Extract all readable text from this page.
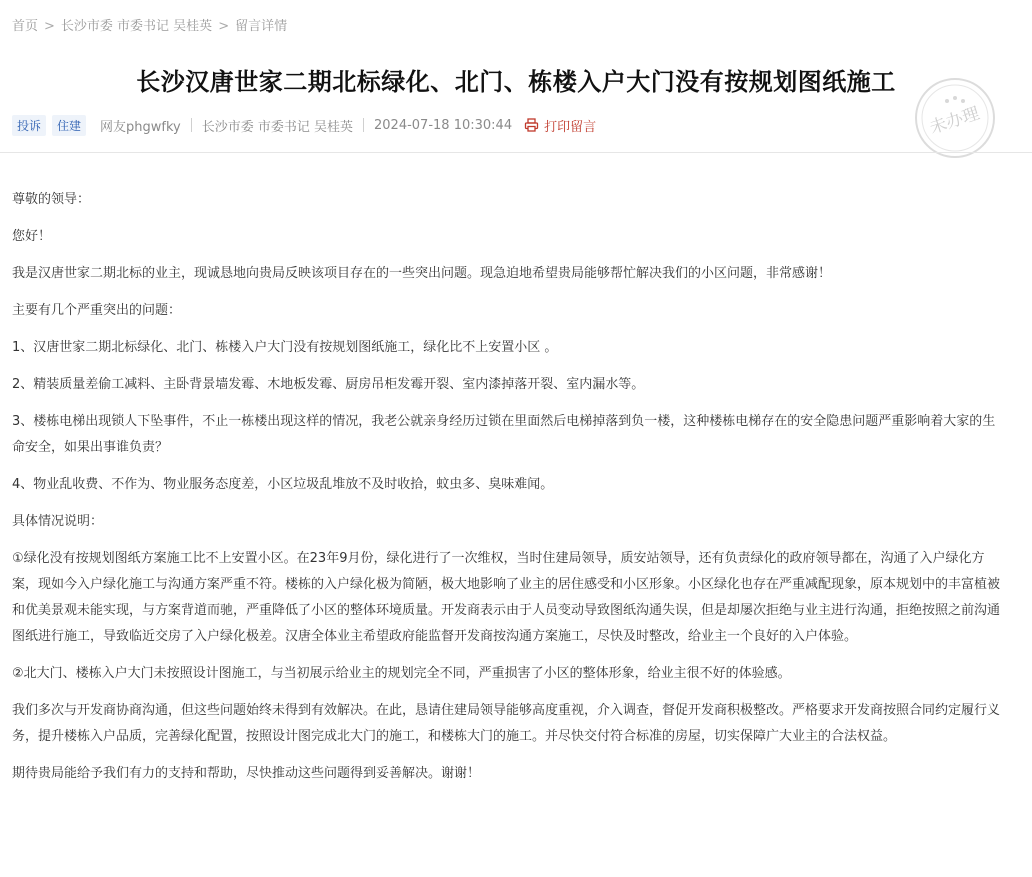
首页 > 长沙市委 市委书记 吴桂英 > 留言详情
长沙汉唐世家二期北标绿化、北门、栋楼入户大门没有按规划图纸施工
投诉	住建	网友phgwfky 长沙市委 市委书记 吴桂英 2024-07-18 10:30:44 打印留言	未办理

尊敬的领导：

您好！

我是汉唐世家二期北标的业主，现诚恳地向贵局反映该项目存在的一些突出问题。现急迫地希望贵局能够帮忙解决我们的小区问题，非常感谢！

主要有几个严重突出的问题：

1、汉唐世家二期北标绿化、北门、栋楼入户大门没有按规划图纸施工，绿化比不上安置小区 。

2、精装质量差偷工减料、主卧背景墙发霉、木地板发霉、厨房吊柜发霉开裂、室内漆掉落开裂、室内漏水等。

3、楼栋电梯出现锁人下坠事件，不止一栋楼出现这样的情况，我老公就亲身经历过锁在里面然后电梯掉落到负一楼，这种楼栋电梯存在的安全隐患问题严重影响着大家的生命安全，如果出事谁负责？

4、物业乱收费、不作为、物业服务态度差，小区垃圾乱堆放不及时收拾，蚊虫多、臭味难闻。

具体情况说明：

①绿化没有按规划图纸方案施工比不上安置小区。在23年9月份，绿化进行了一次维权，当时住建局领导，质安站领导，还有负责绿化的政府领导都在，沟通了入户绿化方案，现如今入户绿化施工与沟通方案严重不符。楼栋的入户绿化极为简陋，极大地影响了业主的居住感受和小区形象。小区绿化也存在严重减配现象，原本规划中的丰富植被和优美景观未能实现，与方案背道而驰，严重降低了小区的整体环境质量。开发商表示由于人员变动导致图纸沟通失误，但是却屡次拒绝与业主进行沟通，拒绝按照之前沟通图纸进行施工，导致临近交房了入户绿化极差。汉唐全体业主希望政府能监督开发商按沟通方案施工，尽快及时整改，给业主一个良好的入户体验。

②北大门、楼栋入户大门未按照设计图施工，与当初展示给业主的规划完全不同，严重损害了小区的整体形象，给业主很不好的体验感。

我们多次与开发商协商沟通，但这些问题始终未得到有效解决。在此，恳请住建局领导能够高度重视，介入调查，督促开发商积极整改。严格要求开发商按照合同约定履行义务，提升楼栋入户品质，完善绿化配置，按照设计图完成北大门的施工，和楼栋大门的施工。并尽快交付符合标准的房屋，切实保障广大业主的合法权益。

期待贵局能给予我们有力的支持和帮助，尽快推动这些问题得到妥善解决。谢谢！
